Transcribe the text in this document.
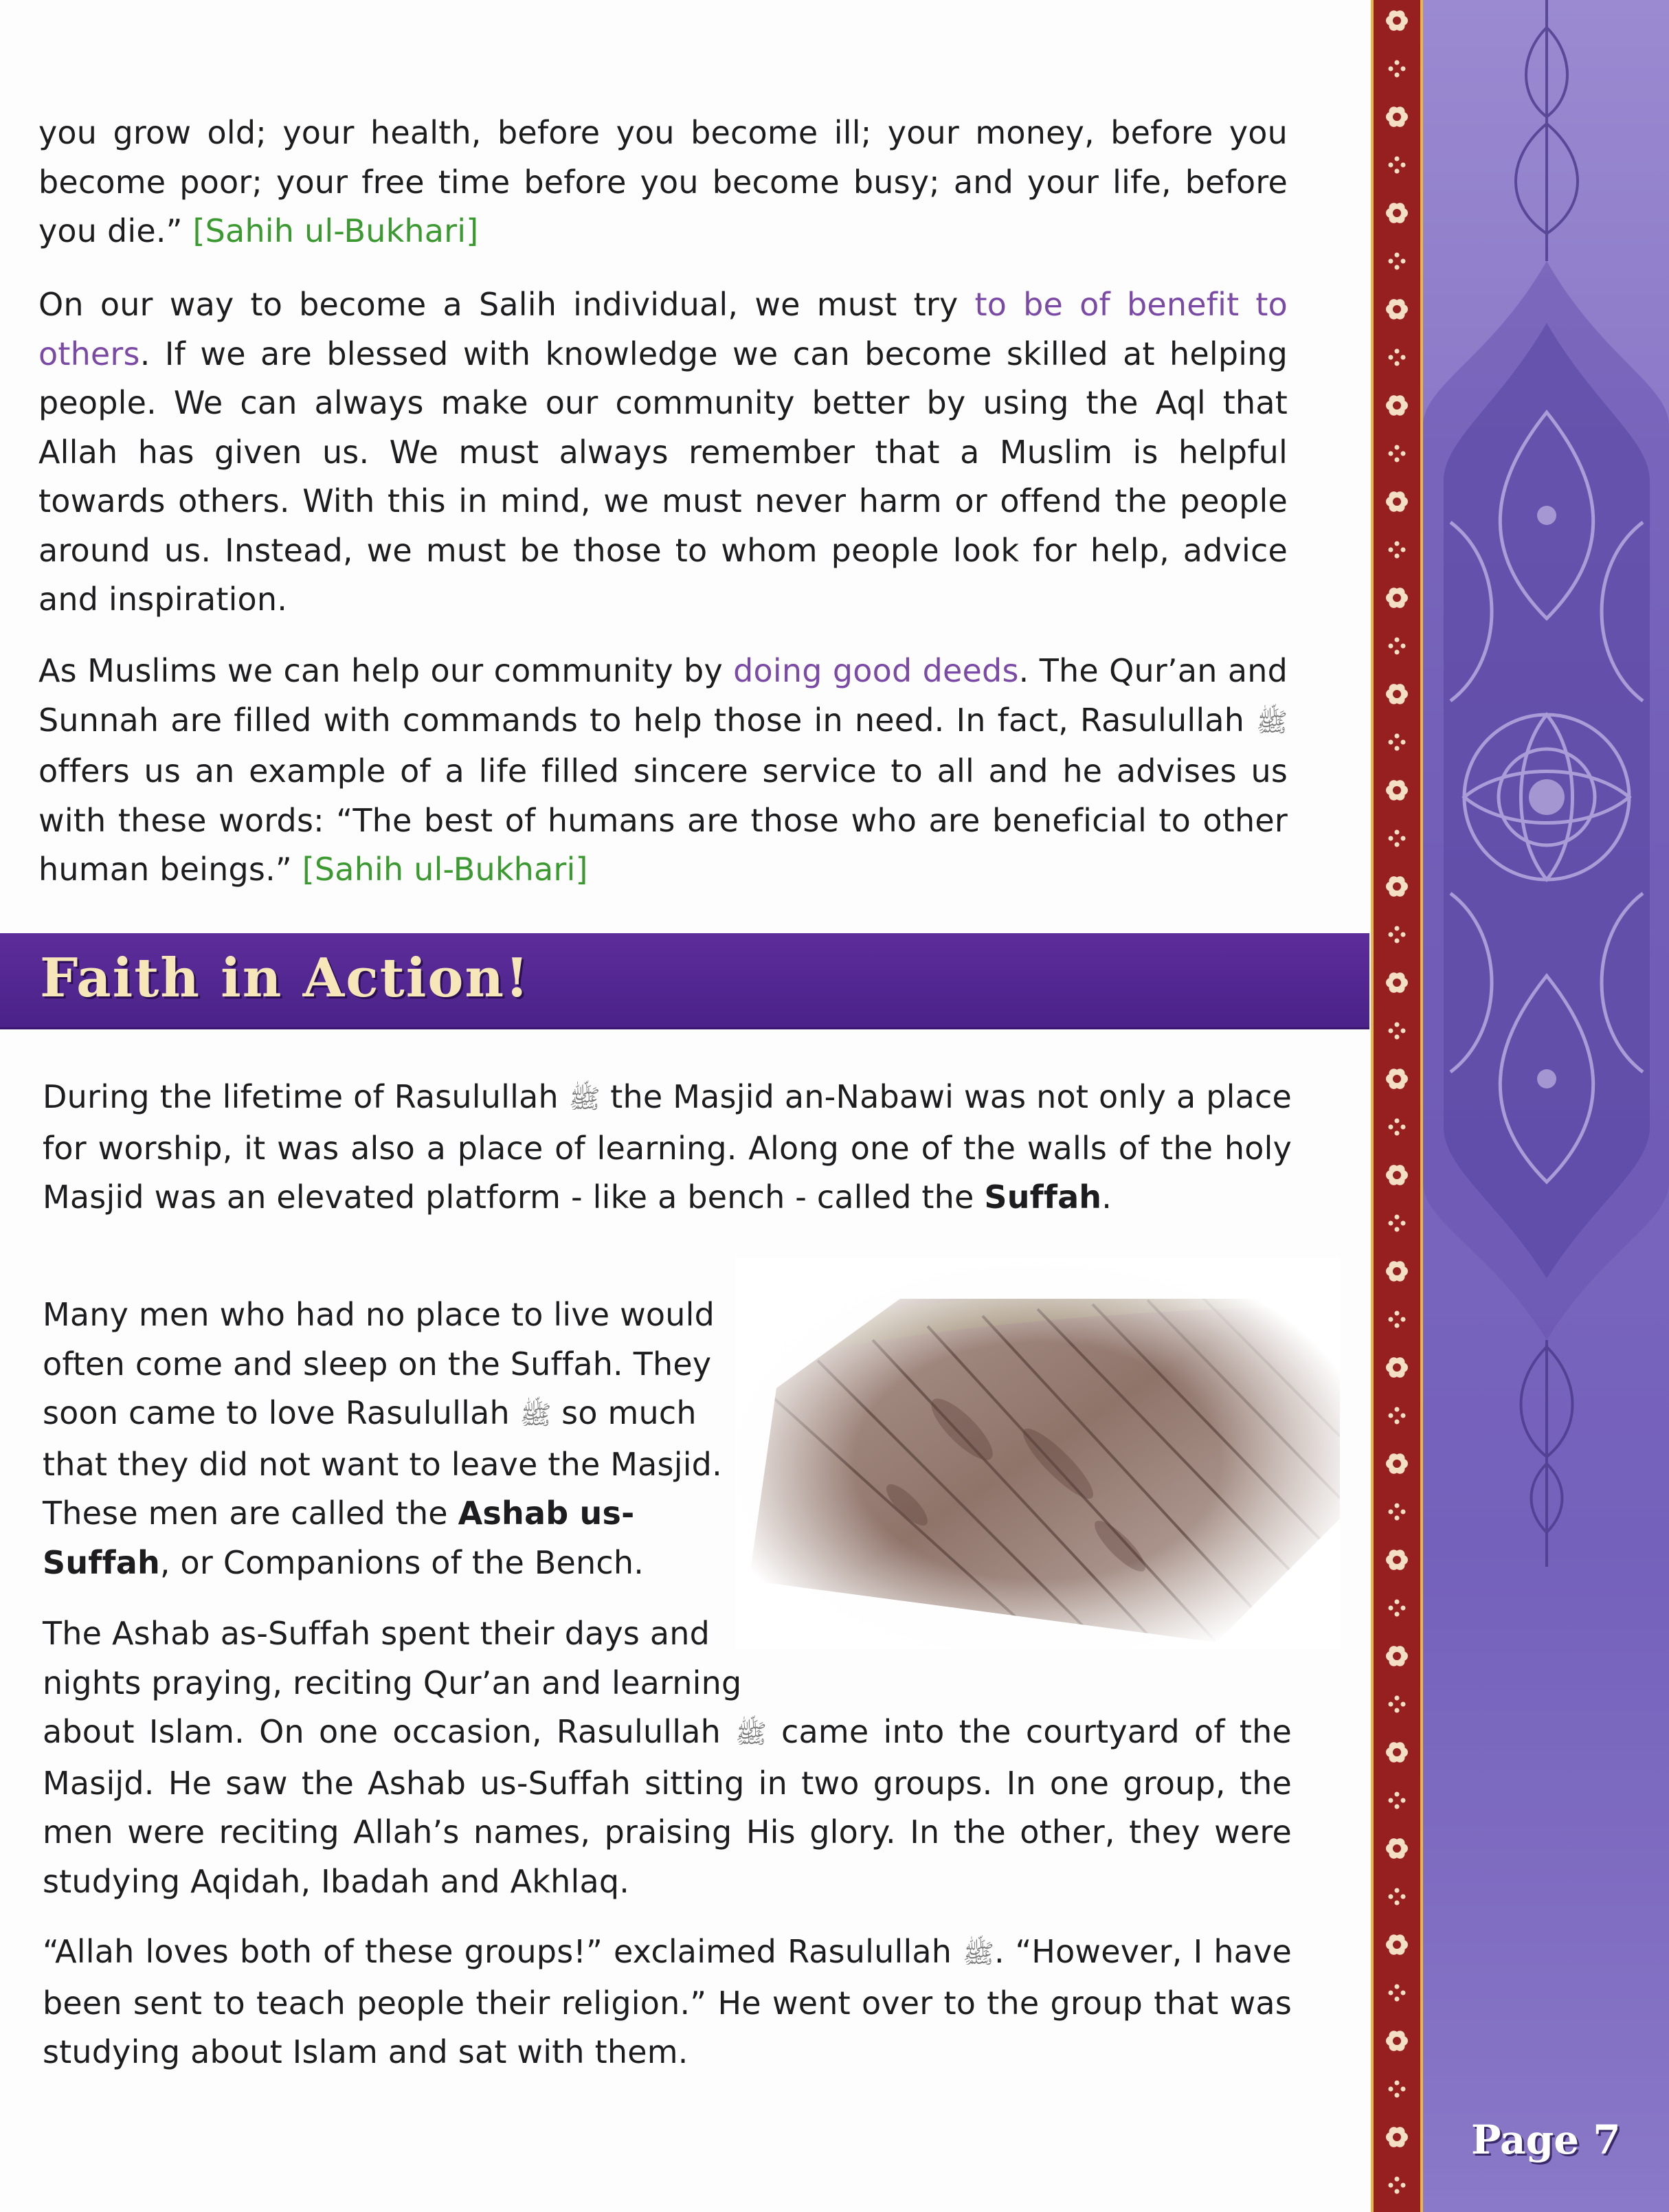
you grow old; your health, before you become ill; your money, before you become poor; your free time before you become busy; and your life, before you die.” [Sahih ul-Bukhari]

On our way to become a Salih individual, we must try to be of benefit to others. If we are blessed with knowledge we can become skilled at helping people. We can always make our community better by using the Aql that Allah has given us. We must always remember that a Muslim is helpful towards others. With this in mind, we must never harm or offend the people around us. Instead, we must be those to whom people look for help, advice and inspiration.

As Muslims we can help our community by doing good deeds. The Qur’an and Sunnah are filled with commands to help those in need. In fact, Rasulullah ﷺ offers us an example of a life filled sincere service to all and he advises us with these words: “The best of humans are those who are beneficial to other human beings.” [Sahih ul-Bukhari]

Faith in Action!

During the lifetime of Rasulullah ﷺ the Masjid an-Nabawi was not only a place for worship, it was also a place of learning. Along one of the walls of the holy Masjid was an elevated platform - like a bench - called the Suffah.

Many men who had no place to live would often come and sleep on the Suffah. They soon came to love Rasulullah ﷺ so much that they did not want to leave the Masjid. These men are called the Ashab us-Suffah, or Companions of the Bench.

The Ashab as-Suffah spent their days and nights praying, reciting Qur’an and learning

about Islam. On one occasion, Rasulullah ﷺ came into the courtyard of the Masijd. He saw the Ashab us-Suffah sitting in two groups. In one group, the men were reciting Allah’s names, praising His glory. In the other, they were studying Aqidah, Ibadah and Akhlaq.

“Allah loves both of these groups!” exclaimed Rasulullah ﷺ. “However, I have been sent to teach people their religion.” He went over to the group that was studying about Islam and sat with them.

Page 7
